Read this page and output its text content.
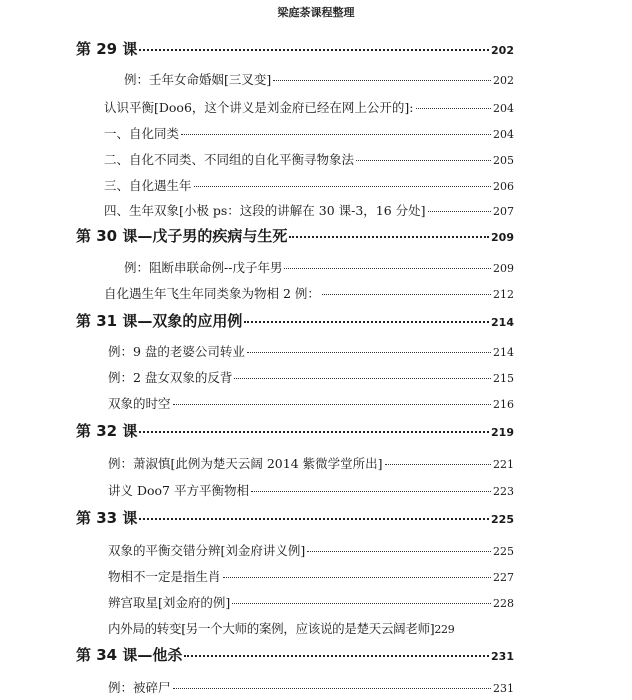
梁庭荼课程整理
第 29 课	202
例：壬年女命婚姻[三叉变]	202
认识平衡[Doo6，这个讲义是刘金府已经在网上公开的]:	204
一、自化同类	204
二、自化不同类、不同组的自化平衡寻物象法	205
三、自化遇生年	206
四、生年双象[小极 ps：这段的讲解在 30 课-3，16 分处]	207
第 30 课—戊子男的疾病与生死	209
例：阻断串联命例--戊子年男	209
自化遇生年飞生年同类象为物相 2 例：	212
第 31 课—双象的应用例	214
例：9 盘的老婆公司转业	214
例：2 盘女双象的反背	215
双象的时空	216
第 32 课	219
例：萧淑慎[此例为楚天云阔 2014 紫微学堂所出]	221
讲义 Doo7 平方平衡物相	223
第 33 课	225
双象的平衡交错分辨[刘金府讲义例]	225
物相不一定是指生肖	227
辨宫取星[刘金府的例]	228
内外局的转变[另一个大师的案例，应该说的是楚天云阔老师] 229
第 34 课—他杀	231
例：被碎尸	231
